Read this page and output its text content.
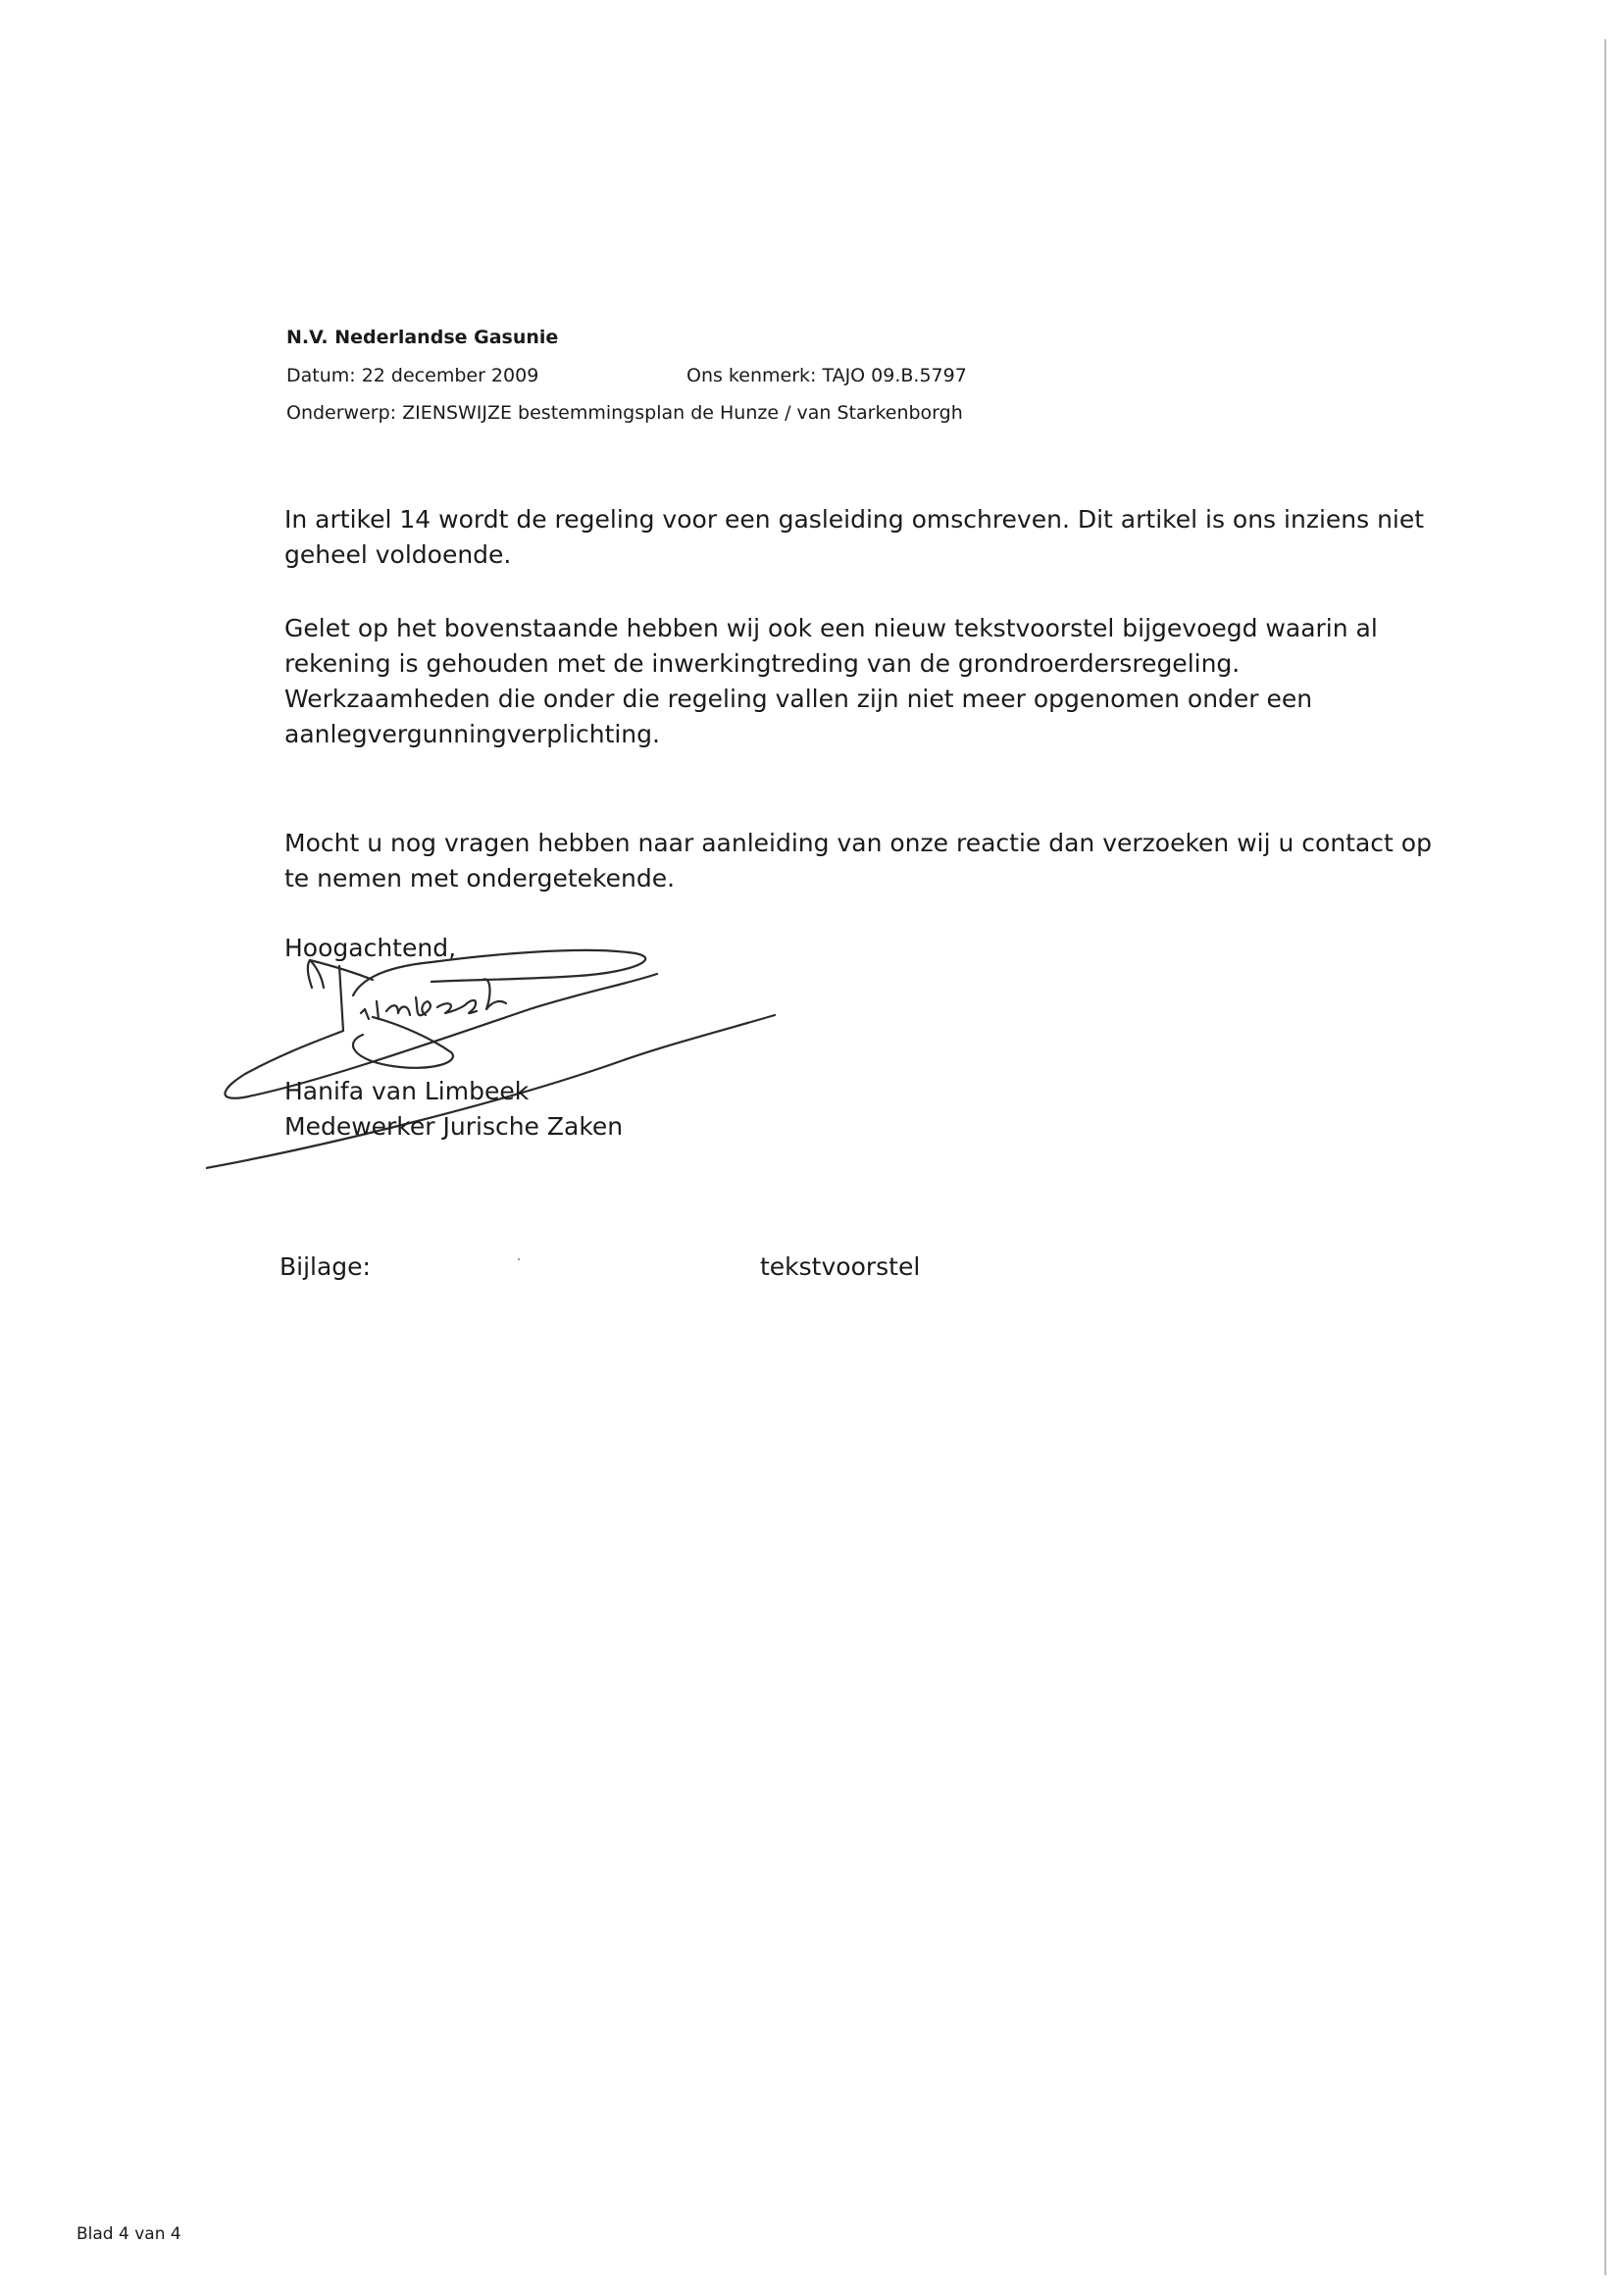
N.V. Nederlandse Gasunie
Datum: 22 december 2009	Ons kenmerk: TAJO 09.B.5797
Onderwerp: ZIENSWIJZE bestemmingsplan de Hunze / van Starkenborgh
In artikel 14 wordt de regeling voor een gasleiding omschreven. Dit artikel is ons inziens niet
geheel voldoende.
Gelet op het bovenstaande hebben wij ook een nieuw tekstvoorstel bijgevoegd waarin al
rekening is gehouden met de inwerkingtreding van de grondroerdersregeling.
Werkzaamheden die onder die regeling vallen zijn niet meer opgenomen onder een
aanlegvergunningverplichting.
Mocht u nog vragen hebben naar aanleiding van onze reactie dan verzoeken wij u contact op
te nemen met ondergetekende.
Hoogachtend,
Hanifa van Limbeek
Medewerker Jurische Zaken
Bijlage:	tekstvoorstel
Blad 4 van 4
